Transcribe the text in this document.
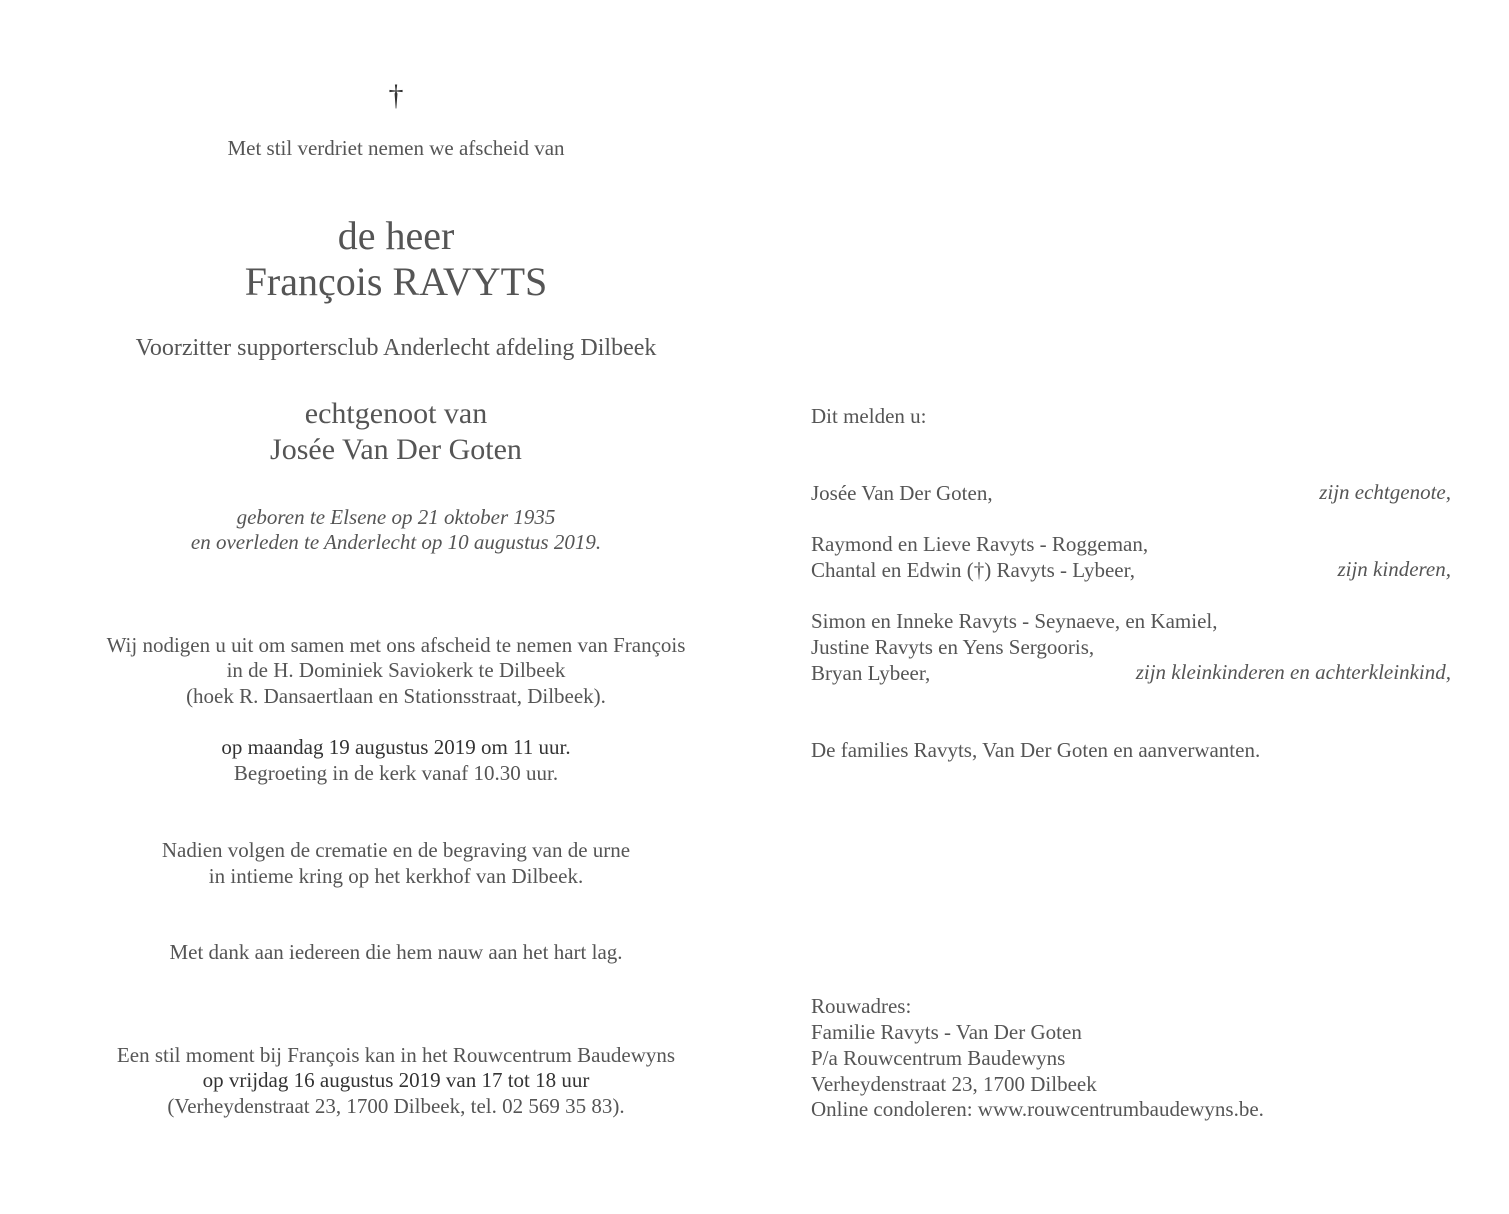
†
Met stil verdriet nemen we afscheid van
de heer
François RAVYTS
Voorzitter supportersclub Anderlecht afdeling Dilbeek
echtgenoot van
Josée Van Der Goten
geboren te Elsene op 21 oktober 1935
en overleden te Anderlecht op 10 augustus 2019.
Wij nodigen u uit om samen met ons afscheid te nemen van François
in de H. Dominiek Saviokerk te Dilbeek
(hoek R. Dansaertlaan en Stationsstraat, Dilbeek).
op maandag 19 augustus 2019 om 11 uur.
Begroeting in de kerk vanaf 10.30 uur.
Nadien volgen de crematie en de begraving van de urne
in intieme kring op het kerkhof van Dilbeek.
Met dank aan iedereen die hem nauw aan het hart lag.
Een stil moment bij François kan in het Rouwcentrum Baudewyns
op vrijdag 16 augustus 2019 van 17 tot 18 uur
(Verheydenstraat 23, 1700 Dilbeek, tel. 02 569 35 83).
Dit melden u:
Josée Van Der Goten,	zijn echtgenote,
Raymond en Lieve Ravyts - Roggeman,
Chantal en Edwin (†) Ravyts - Lybeer,	zijn kinderen,
Simon en Inneke Ravyts - Seynaeve, en Kamiel,
Justine Ravyts en Yens Sergooris,
Bryan Lybeer,	zijn kleinkinderen en achterkleinkind,
De families Ravyts, Van Der Goten en aanverwanten.
Rouwadres:
Familie Ravyts - Van Der Goten
P/a Rouwcentrum Baudewyns
Verheydenstraat 23, 1700 Dilbeek
Online condoleren: www.rouwcentrumbaudewyns.be.
